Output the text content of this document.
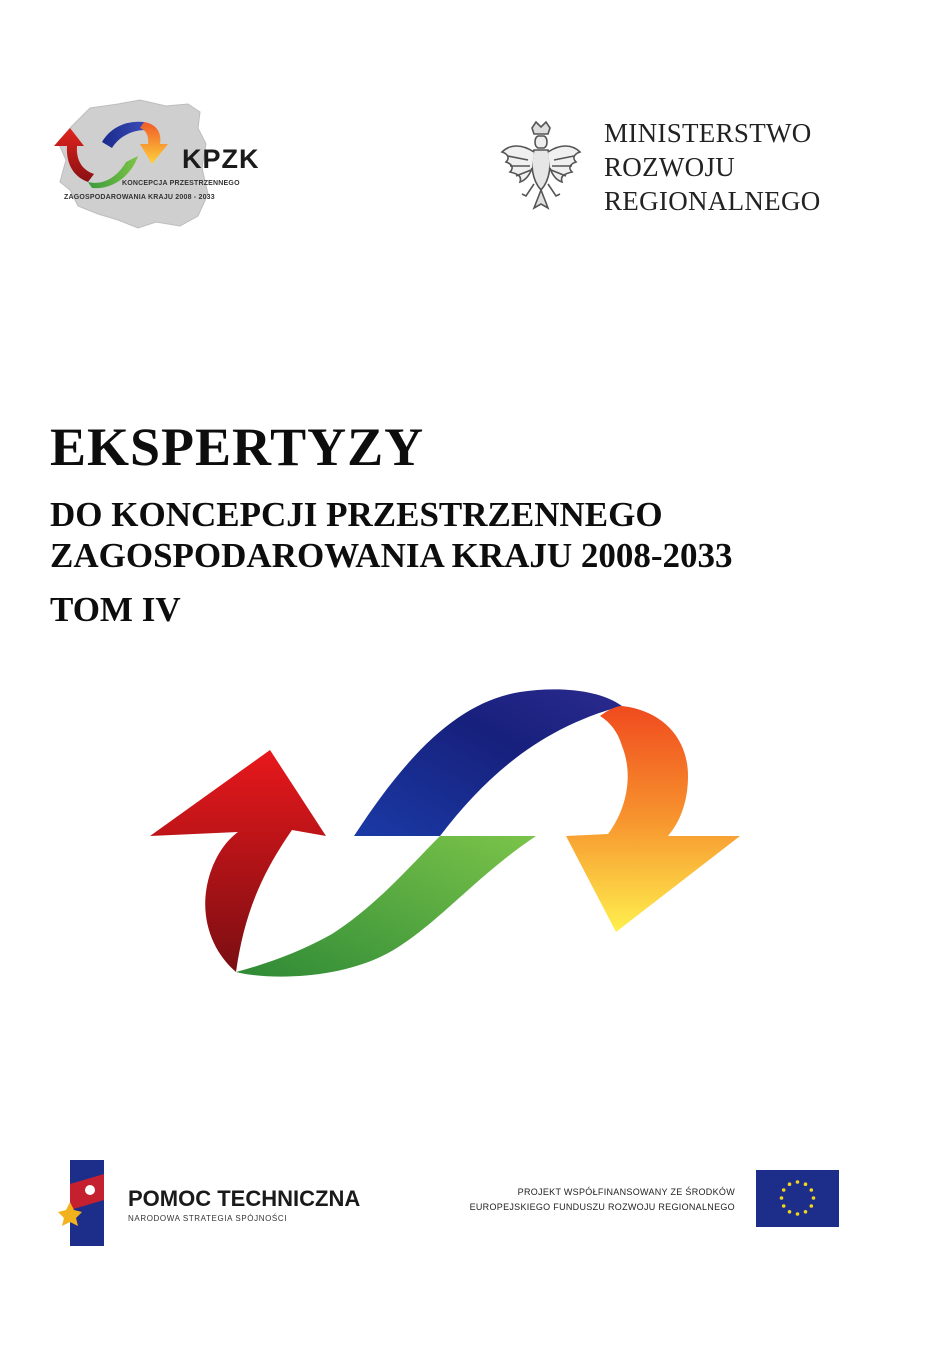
KPZK
KONCEPCJA PRZESTRZENNEGO
ZAGOSPODAROWANIA KRAJU 2008 - 2033
MINISTERSTWO
ROZWOJU
REGIONALNEGO
EKSPERTYZY
DO KONCEPCJI PRZESTRZENNEGO
ZAGOSPODAROWANIA KRAJU 2008-2033
TOM IV
POMOC TECHNICZNA
NARODOWA STRATEGIA SPÓJNOŚCI
PROJEKT WSPÓŁFINANSOWANY ZE ŚRODKÓW
EUROPEJSKIEGO FUNDUSZU ROZWOJU REGIONALNEGO
